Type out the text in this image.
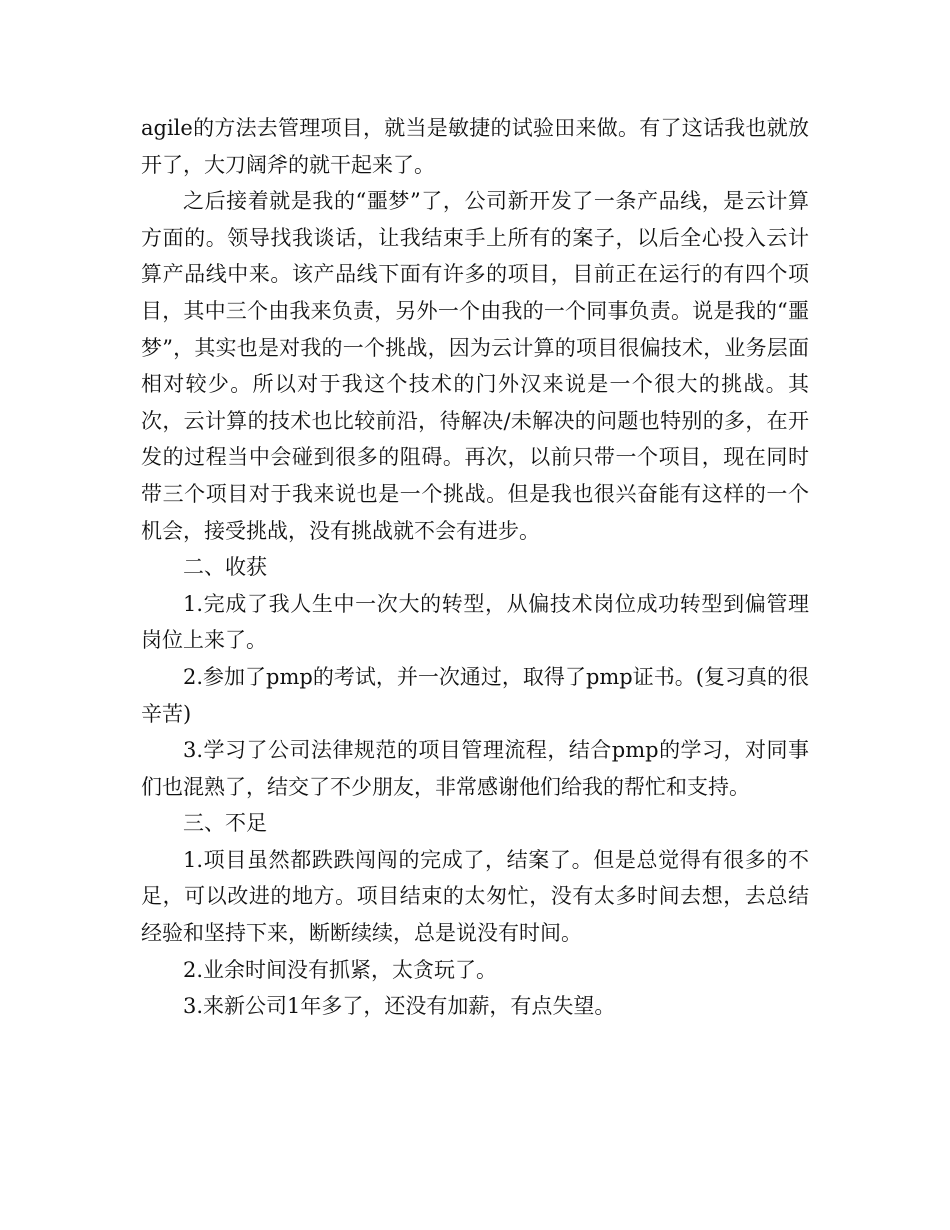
agile的方法去管理项目，就当是敏捷的试验田来做。有了这话我也就放开了，大刀阔斧的就干起来了。

之后接着就是我的“噩梦”了，公司新开发了一条产品线，是云计算方面的。领导找我谈话，让我结束手上所有的案子，以后全心投入云计算产品线中来。该产品线下面有许多的项目，目前正在运行的有四个项目，其中三个由我来负责，另外一个由我的一个同事负责。说是我的“噩梦”，其实也是对我的一个挑战，因为云计算的项目很偏技术，业务层面相对较少。所以对于我这个技术的门外汉来说是一个很大的挑战。其次，云计算的技术也比较前沿，待解决/未解决的问题也特别的多，在开发的过程当中会碰到很多的阻碍。再次，以前只带一个项目，现在同时带三个项目对于我来说也是一个挑战。但是我也很兴奋能有这样的一个机会，接受挑战，没有挑战就不会有进步。

二、收获

1.完成了我人生中一次大的转型，从偏技术岗位成功转型到偏管理岗位上来了。

2.参加了pmp的考试，并一次通过，取得了pmp证书。(复习真的很辛苦)

3.学习了公司法律规范的项目管理流程，结合pmp的学习，对同事们也混熟了，结交了不少朋友，非常感谢他们给我的帮忙和支持。

三、不足

1.项目虽然都跌跌闯闯的完成了，结案了。但是总觉得有很多的不足，可以改进的地方。项目结束的太匆忙，没有太多时间去想，去总结经验和坚持下来，断断续续，总是说没有时间。

2.业余时间没有抓紧，太贪玩了。

3.来新公司1年多了，还没有加薪，有点失望。
